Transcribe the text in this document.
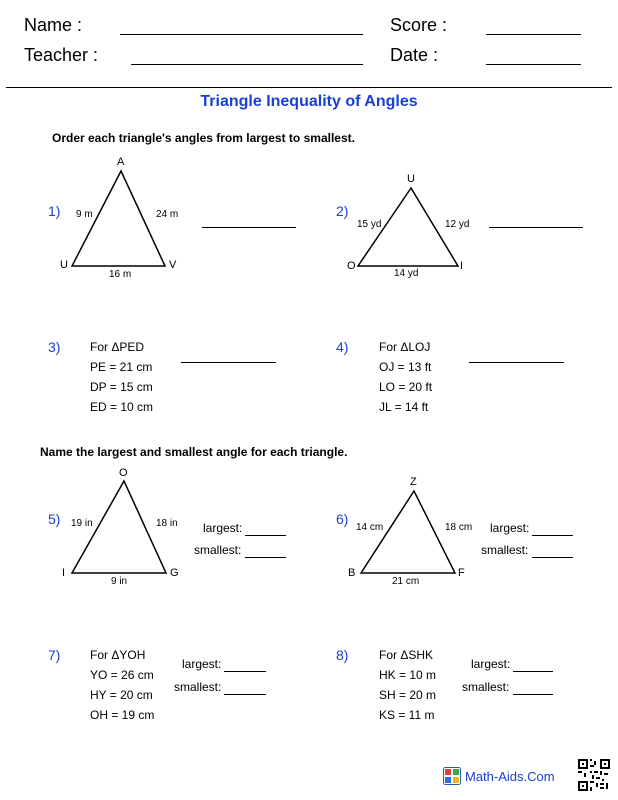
Name :	Score :
Teacher :	Date :
Triangle Inequality of Angles
Order each triangle's angles from largest to smallest.
1)
A
U	V
9 m	24 m
16 m
2)
U
O	I
15 yd	12 yd
14 yd
3) For ΔPED
PE = 21 cm
DP = 15 cm
ED = 10 cm
4)	For ΔLOJ
OJ = 13 ft
LO = 20 ft
JL = 14 ft
Name the largest and smallest angle for each triangle.
5)
O
I	G
19 in	18 in
9 in
largest:
smallest:
6)
Z
B	F
14 cm	18 cm
21 cm
largest:
smallest:
7) For ΔYOH
YO = 26 cm
HY = 20 cm
OH = 19 cm
largest:
smallest:
8)	For ΔSHK
HK = 10 m
SH = 20 m
KS = 11 m
largest:
smallest:
Math-Aids.Com
